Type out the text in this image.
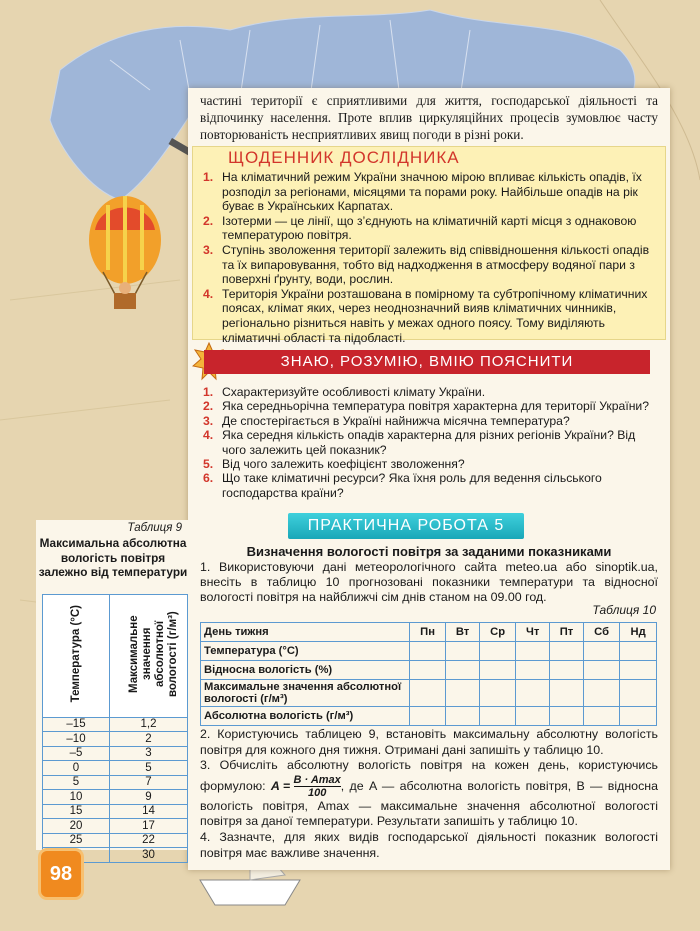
частині території є сприятливими для життя, господарської діяльності та відпочинку населення. Проте вплив циркуляційних процесів зумовлює часту повторюваність несприятливих явищ погоди в різні роки.
ЩОДЕННИК ДОСЛІДНИКА
1. На кліматичний режим України значною мірою впливає кількість опадів, їх розподіл за регіонами, місяцями та порами року. Найбільше опадів на рік буває в Українських Карпатах.
2. Ізотерми — це лінії, що з’єднують на кліматичній карті місця з однаковою температурою повітря.
3. Ступінь зволоження території залежить від співвідношення кількості опадів та їх випаровування, тобто від надходження в атмосферу водяної пари з поверхні ґрунту, води, рослин.
4. Територія України розташована в помірному та субтропічному кліматичних поясах, клімат яких, через неоднозначний вияв кліматичних чинників, регіонально різниться навіть у межах одного поясу. Тому виділяють кліматичні області та підобласті.
ЗНАЮ, РОЗУМІЮ, ВМІЮ ПОЯСНИТИ
1. Схарактеризуйте особливості клімату України.
2. Яка середньорічна температура повітря характерна для території України?
3. Де спостерігається в Україні найнижча місячна температура?
4. Яка середня кількість опадів характерна для різних регіонів України? Від чого залежить цей показник?
5. Від чого залежить коефіцієнт зволоження?
6. Що таке кліматичні ресурси? Яка їхня роль для ведення сільського господарства країни?
ПРАКТИЧНА РОБОТА 5
Визначення вологості повітря за заданими показниками
1. Використовуючи дані метеорологічного сайта meteo.ua або sinoptik.ua, внесіть в таблицю 10 прогнозовані показники температури та відносної вологості повітря на найближчі сім днів станом на 09.00 год.
Таблиця 10
День тижня	Пн	Вт	Ср	Чт	Пт	Сб	Нд
Температура (°С)							
Віднoсна вологість (%)							
Максимальне значення абсолютної вологості (г/м³)							
Абсолютна вологість (г/м³)							
2. Користуючись таблицею 9, встановіть максимальну абсолютну вологість повітря для кожного дня тижня. Отримані дані запишіть у таблицю 10.
3. Обчисліть абсолютну вологість повітря на кожен день, користуючись формулою: A = B · Amax
100
, де A — абсолютна вологість повітря, B — відносна вологість повітря, Amax — максимальне значення абсолютної вологості повітря за даної температури. Результати запишіть у таблицю 10.
4. Зазначте, для яких видів господарської діяльності показник вологості повітря має важливе значення.
Таблиця 9
Максимальна абсолютна вологість повітря залежно від температури
Температура (°С)	Максимальне значення абсолютної вологості (г/м³)
–15	1,2
–10	2
–5	3
0	5
5	7
10	9
15	14
20	17
25	22
	30
98
